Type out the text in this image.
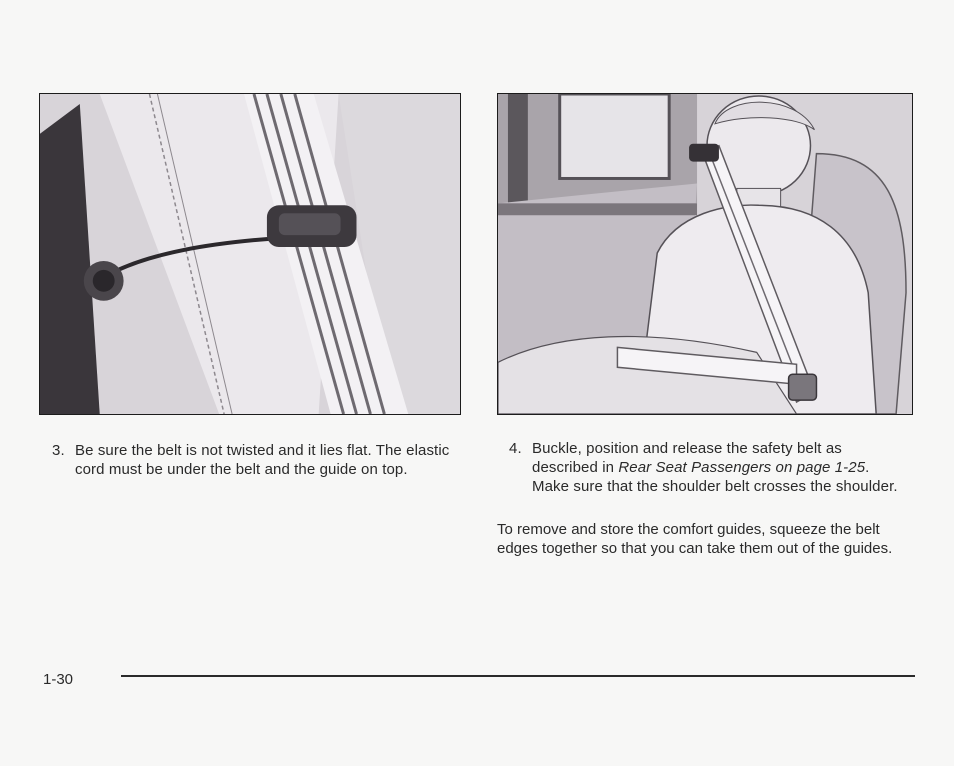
3. Be sure the belt is not twisted and it lies flat. The elastic cord must be under the belt and the guide on top.
4. Buckle, position and release the safety belt as described in Rear Seat Passengers on page 1-25. Make sure that the shoulder belt crosses the shoulder.
To remove and store the comfort guides, squeeze the belt edges together so that you can take them out of the guides.
1-30
